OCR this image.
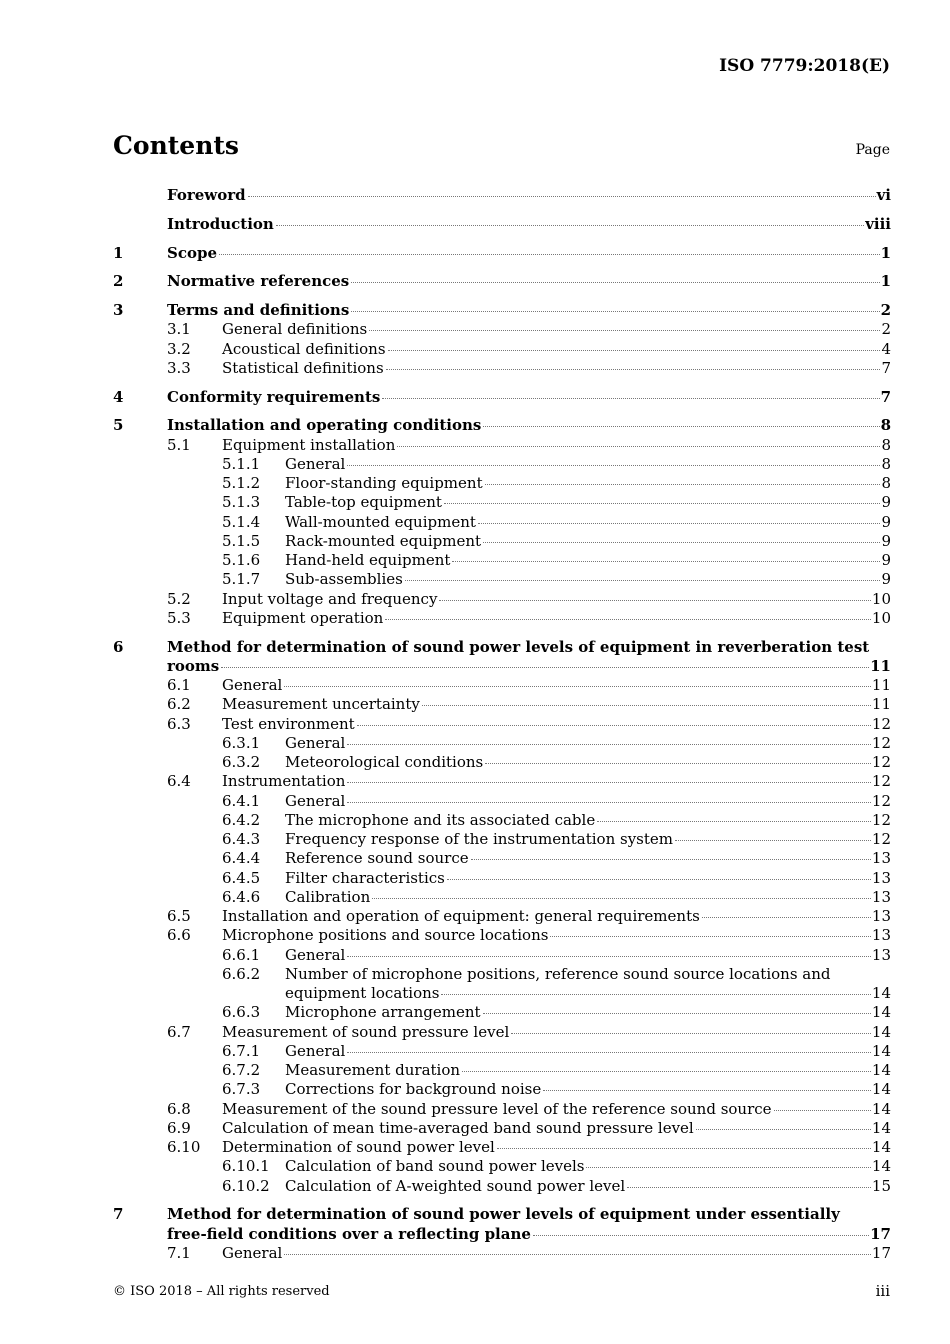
ISO 7779:2018(E)
Contents	Page
Foreword	vi
Introduction	viii
1	Scope	1
2	Normative references	1
3	Terms and definitions	2
3.1	General definitions	2
3.2	Acoustical definitions	4
3.3	Statistical definitions	7
4	Conformity requirements	7
5	Installation and operating conditions	8
5.1	Equipment installation	8
5.1.1	General	8
5.1.2	Floor-standing equipment	8
5.1.3	Table-top equipment	9
5.1.4	Wall-mounted equipment	9
5.1.5	Rack-mounted equipment	9
5.1.6	Hand-held equipment	9
5.1.7	Sub-assemblies	9
5.2	Input voltage and frequency	10
5.3	Equipment operation	10
6	Method for determination of sound power levels of equipment in reverberation test
rooms	11
6.1	General	11
6.2	Measurement uncertainty	11
6.3	Test environment	12
6.3.1	General	12
6.3.2	Meteorological conditions	12
6.4	Instrumentation	12
6.4.1	General	12
6.4.2	The microphone and its associated cable	12
6.4.3	Frequency response of the instrumentation system	12
6.4.4	Reference sound source	13
6.4.5	Filter characteristics	13
6.4.6	Calibration	13
6.5	Installation and operation of equipment: general requirements	13
6.6	Microphone positions and source locations	13
6.6.1	General	13
6.6.2	Number of microphone positions, reference sound source locations and
equipment locations	14
6.6.3	Microphone arrangement	14
6.7	Measurement of sound pressure level	14
6.7.1	General	14
6.7.2	Measurement duration	14
6.7.3	Corrections for background noise	14
6.8	Measurement of the sound pressure level of the reference sound source	14
6.9	Calculation of mean time-averaged band sound pressure level	14
6.10	Determination of sound power level	14
6.10.1	Calculation of band sound power levels	14
6.10.2	Calculation of A-weighted sound power level	15
7	Method for determination of sound power levels of equipment under essentially
free-field conditions over a reflecting plane	17
7.1	General	17
© ISO 2018 – All rights reserved	iii
